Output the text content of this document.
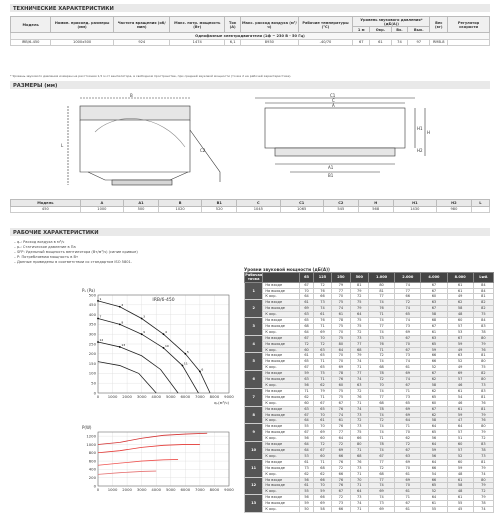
ТЕХНИЧЕСКИЕ ХАРАКТЕРИСТИКИ
Модель	Номин. присоед. размеры (мм)	Частота вращения (об/мин)	Макс. потр. мощность (Вт)	Ток (А)	Макс. расход воздуха (м³/ч)	Рабочие температуры (°С)	Уровень звукового давления* (дБ(А))				Вес (кг)	Регулятор скорости
							1 м	Окр.	Вх.	Вых.		
Однофазные электродвигатели (1ф ~ 230 В - 50 Гц)												
IRB/6-450	1000х500	924	1474	6,1	8930	-40/70	67	61	74	97	RMB-8	
* Уровень звукового давления измерен на расстоянии 1,5 м от вентилятора, в свободном пространстве, при средней звуковой мощности (точка 2 на рабочей характеристике).
РАЗМЕРЫ (мм)
C1
C
A
H1
H
H2
A1
B1
B
C2
L
Модель	A	A1	B	B1	C	C1	C2	H	H1	H2	L
450	1000	500	1020	520	1045	1065	545	568	1430	980	
РАБОЧИЕ ХАРАКТЕРИСТИКИ
– qᵥ: Расход воздуха в м³/ч
– pₛ: Статическое давление в Па
– SFP: Удельный мощность вентилятора (Вт/м³/ч) (синие кривые)
– P: Потребляемая мощность в Вт
– Данные приведены в соответствии со стандартом ISO 5801.
0 1000 2000 3000 4000 5000 6000 7000 8000 9000
0
50
100
150
200
250
300
350
400
450
500
IRB/6-450
Pₛ (Pa)
qᵥ(м³/ч)
1
2
3
4
5
6
7
8
9
10
11
12
13
0 1000 2000 3000 4000 5000 6000 7000 8000 9000
0
200
400
600
800
1000
1200
P(W)
Уровни звуковой мощности (дБ(А))
Рабочая точка		63	125	250	500	1.000	2.000	4.000	8.000	LwA
1	На входе	67	72	79	81	80	74	67	61	84
	На выходе	70	76	77	79	81	77	67	61	84
	К окр.	64	66	70	72	77	66	60	49	81
2	На входе	61	73	75	75	74	72	63	62	82
	На выходе	69	74	74	79	76	74	67	58	82
	К окр.	63	61	61	64	71	65	58	48	75
3	На входе	65	76	78	75	74	74	68	60	84
	На выходе	68	71	75	75	77	73	67	57	83
	К окр.	64	69	70	72	74	69	61	53	78
4	На входе	67	70	75	73	73	67	63	67	80
	На выходе	72	72	80	77	76	70	65	59	79
	К окр.	60	63	64	68	71	67	59	49	76
5	На входе	61	65	70	79	72	73	66	63	81
	На выходе	65	71	70	74	74	74	66	52	80
	К окр.	67	65	69	71	68	61	52	49	75
6	На входе	59	75	78	77	78	69	67	69	82
	На выходе	63	71	76	74	72	74	62	57	80
	К окр.	56	62	60	63	70	67	58	46	73
7	На входе	71	79	75	72	74	71	62	61	83
	На выходе	62	71	75	76	77	73	65	54	81
	К окр.	60	67	67	71	68	65	60	46	76
8	На входе	63	65	76	74	78	69	67	61	81
	На выходе	67	70	74	73	74	69	62	59	79
	К окр.	64	61	61	72	72	64	58	47	76
9	На входе	55	70	76	73	74	71	64	64	80
	На выходе	67	69	77	75	74	70	65	57	79
	К окр.	56	60	64	66	71	62	56	51	72
10	На входе	64	72	72	80	78	72	64	60	83
	На выходе	64	67	69	71	74	67	59	57	78
	К окр.	53	60	66	68	67	63	56	52	73
11	На входе	61	71	76	76	77	69	64	60	81
	На выходе	73	68	72	73	72	70	66	59	79
	К окр.	62	62	66	71	68	61	54	48	74
12	На входе	56	66	76	70	77	69	66	61	80
	На выходе	61	70	76	71	74	70	65	58	79
	К окр.	55	59	67	64	69	61	52	48	72
13	На входе	56	66	72	73	74	71	64	61	79
	На выходе	59	69	73	74	73	67	61	55	78
	К окр.	50	58	66	71	69	61	55	45	74
